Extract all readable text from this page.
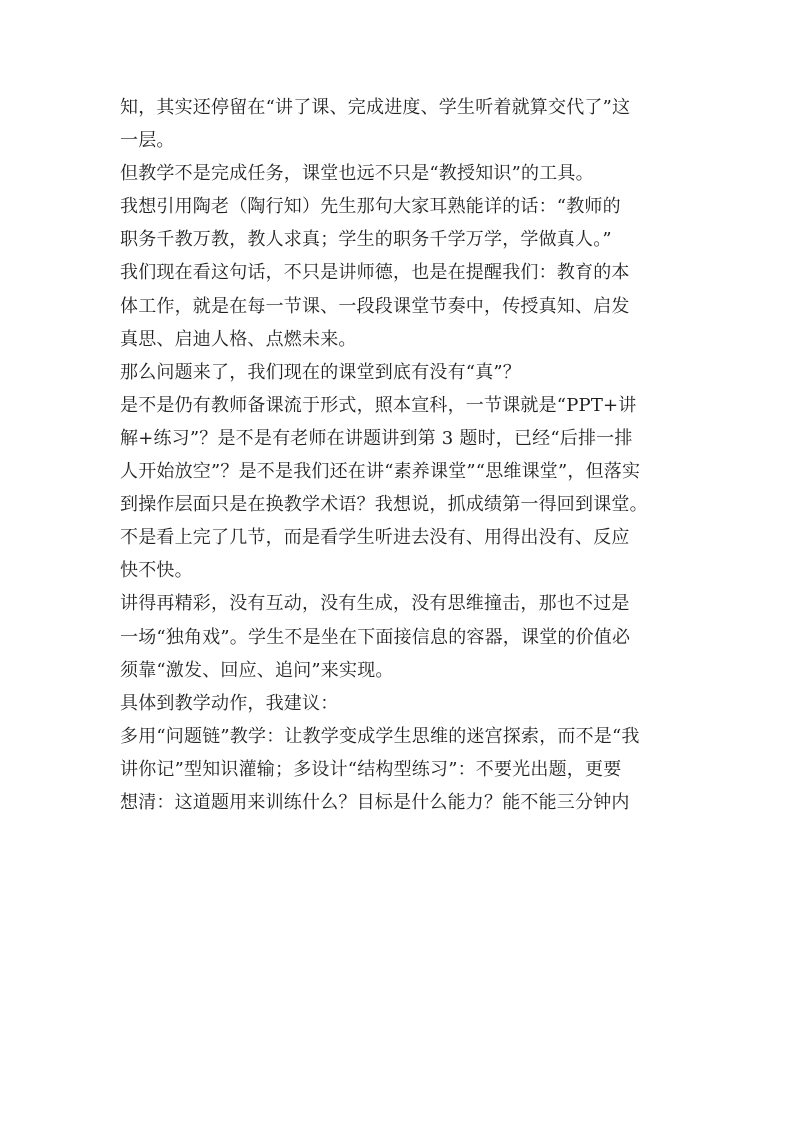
知，其实还停留在“讲了课、完成进度、学生听着就算交代了”这
一层。
但教学不是完成任务，课堂也远不只是“教授知识”的工具。
我想引用陶老（陶行知）先生那句大家耳熟能详的话：“教师的
职务千教万教，教人求真；学生的职务千学万学，学做真人。”
我们现在看这句话，不只是讲师德，也是在提醒我们：教育的本
体工作，就是在每一节课、一段段课堂节奏中，传授真知、启发
真思、启迪人格、点燃未来。
那么问题来了，我们现在的课堂到底有没有“真”？
是不是仍有教师备课流于形式，照本宣科，一节课就是“PPT+讲
解+练习”？是不是有老师在讲题讲到第 3 题时，已经“后排一排
人开始放空”？是不是我们还在讲“素养课堂”“思维课堂”，但落实
到操作层面只是在换教学术语？我想说，抓成绩第一得回到课堂。
不是看上完了几节，而是看学生听进去没有、用得出没有、反应
快不快。
讲得再精彩，没有互动，没有生成，没有思维撞击，那也不过是
一场“独角戏”。学生不是坐在下面接信息的容器，课堂的价值必
须靠“激发、回应、追问”来实现。
具体到教学动作，我建议：
多用“问题链”教学：让教学变成学生思维的迷宫探索，而不是“我
讲你记”型知识灌输；多设计“结构型练习”：不要光出题，更要
想清：这道题用来训练什么？目标是什么能力？能不能三分钟内
